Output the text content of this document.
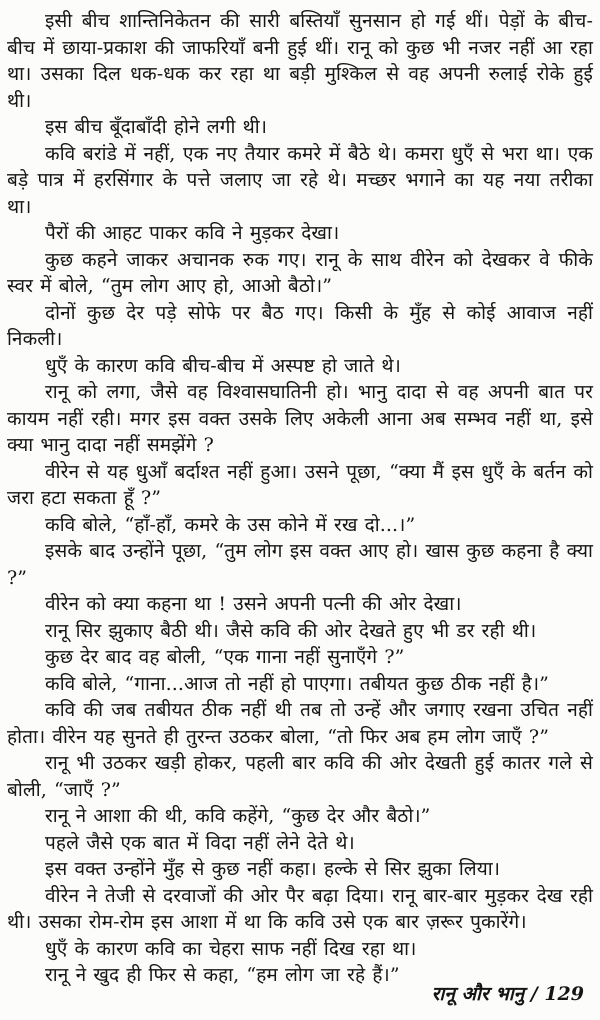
इसी बीच शान्तिनिकेतन की सारी बस्तियाँ सुनसान हो गई थीं। पेड़ों के बीच-बीच में छाया-प्रकाश की जाफरियाँ बनी हुई थीं। रानू को कुछ भी नजर नहीं आ रहा था। उसका दिल धक-धक कर रहा था बड़ी मुश्किल से वह अपनी रुलाई रोके हुई थी।

इस बीच बूँदाबाँदी होने लगी थी।

कवि बरांडे में नहीं, एक नए तैयार कमरे में बैठे थे। कमरा धुएँ से भरा था। एक बड़े पात्र में हरसिंगार के पत्ते जलाए जा रहे थे। मच्छर भगाने का यह नया तरीका था।

पैरों की आहट पाकर कवि ने मुड़कर देखा।

कुछ कहने जाकर अचानक रुक गए। रानू के साथ वीरेन को देखकर वे फीके स्वर में बोले, “तुम लोग आए हो, आओ बैठो।”

दोनों कुछ देर पड़े सोफे पर बैठ गए। किसी के मुँह से कोई आवाज नहीं निकली।

धुएँ के कारण कवि बीच-बीच में अस्पष्ट हो जाते थे।

रानू को लगा, जैसे वह विश्वासघातिनी हो। भानु दादा से वह अपनी बात पर कायम नहीं रही। मगर इस वक्त उसके लिए अकेली आना अब सम्भव नहीं था, इसे क्या भानु दादा नहीं समझेंगे ?

वीरेन से यह धुआँ बर्दाश्त नहीं हुआ। उसने पूछा, “क्या मैं इस धुएँ के बर्तन को जरा हटा सकता हूँ ?”

कवि बोले, “हाँ-हाँ, कमरे के उस कोने में रख दो...।”

इसके बाद उन्होंने पूछा, “तुम लोग इस वक्त आए हो। खास कुछ कहना है क्या ?”

वीरेन को क्या कहना था ! उसने अपनी पत्नी की ओर देखा।

रानू सिर झुकाए बैठी थी। जैसे कवि की ओर देखते हुए भी डर रही थी।

कुछ देर बाद वह बोली, “एक गाना नहीं सुनाएँगे ?”

कवि बोले, “गाना...आज तो नहीं हो पाएगा। तबीयत कुछ ठीक नहीं है।”

कवि की जब तबीयत ठीक नहीं थी तब तो उन्हें और जगाए रखना उचित नहीं होता। वीरेन यह सुनते ही तुरन्त उठकर बोला, “तो फिर अब हम लोग जाएँ ?”

रानू भी उठकर खड़ी होकर, पहली बार कवि की ओर देखती हुई कातर गले से बोली, “जाएँ ?”

रानू ने आशा की थी, कवि कहेंगे, “कुछ देर और बैठो।”

पहले जैसे एक बात में विदा नहीं लेने देते थे।

इस वक्त उन्होंने मुँह से कुछ नहीं कहा। हल्के से सिर झुका लिया।

वीरेन ने तेजी से दरवाजों की ओर पैर बढ़ा दिया। रानू बार-बार मुड़कर देख रही थी। उसका रोम-रोम इस आशा में था कि कवि उसे एक बार ज़रूर पुकारेंगे।

धुएँ के कारण कवि का चेहरा साफ नहीं दिख रहा था।

रानू ने खुद ही फिर से कहा, “हम लोग जा रहे हैं।”

रानू और भानु / 129
